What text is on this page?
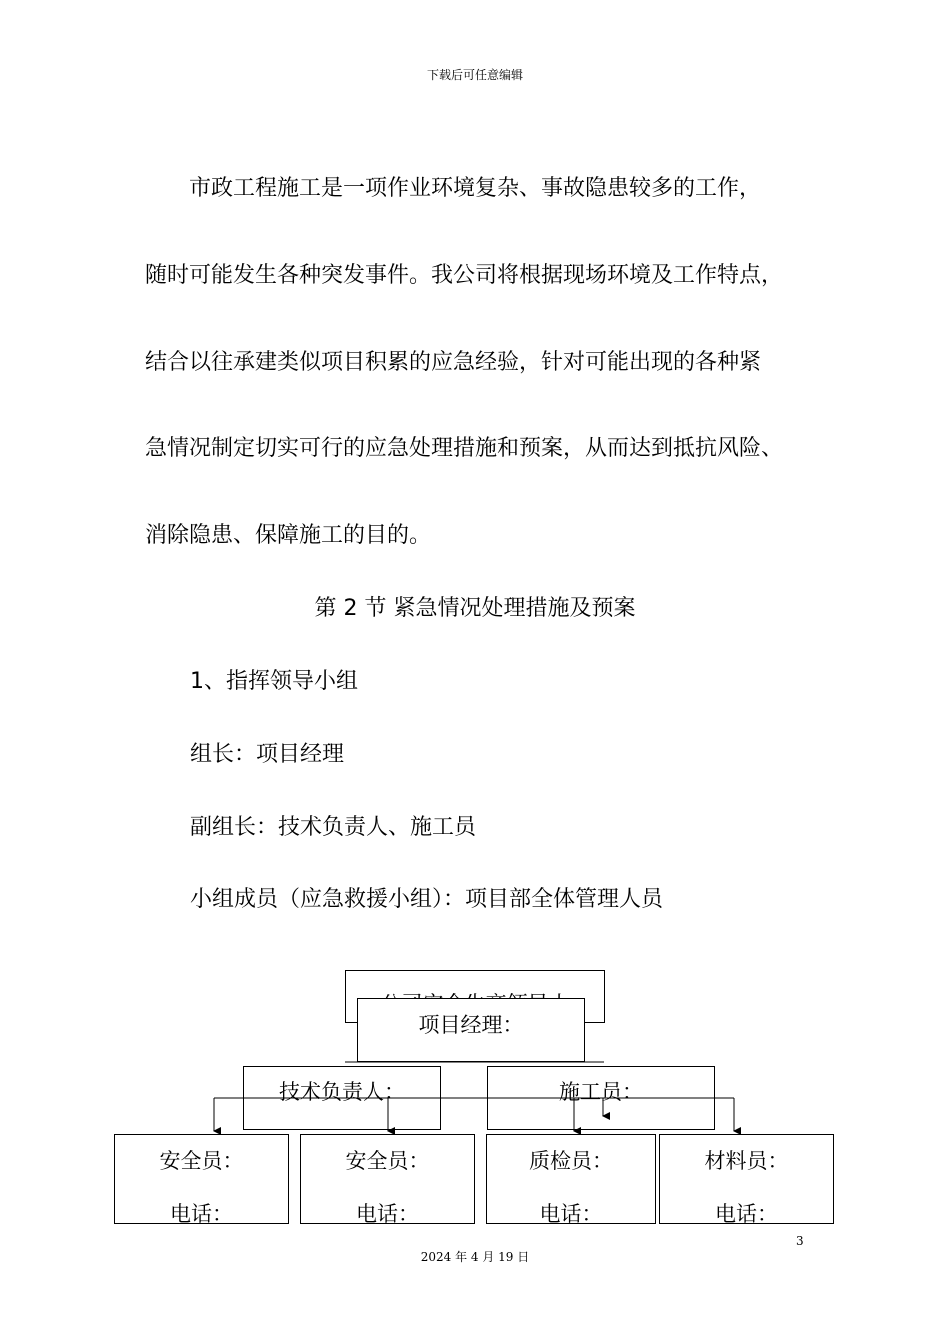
下载后可任意编辑
　　市政工程施工是一项作业环境复杂、事故隐患较多的工作，
随时可能发生各种突发事件。我公司将根据现场环境及工作特点，
结合以往承建类似项目积累的应急经验，针对可能出现的各种紧
急情况制定切实可行的应急处理措施和预案，从而达到抵抗风险、
消除隐患、保障施工的目的。
第 2 节 紧急情况处理措施及预案
1、指挥领导小组
组长：项目经理
副组长：技术负责人、施工员
小组成员（应急救援小组）：项目部全体管理人员
项目经理：
技术负责人：	施工员：
安全员：
电话：
安全员：
电话：
质检员：
电话：
材料员：
电话：
3
2024 年 4 月 19 日
